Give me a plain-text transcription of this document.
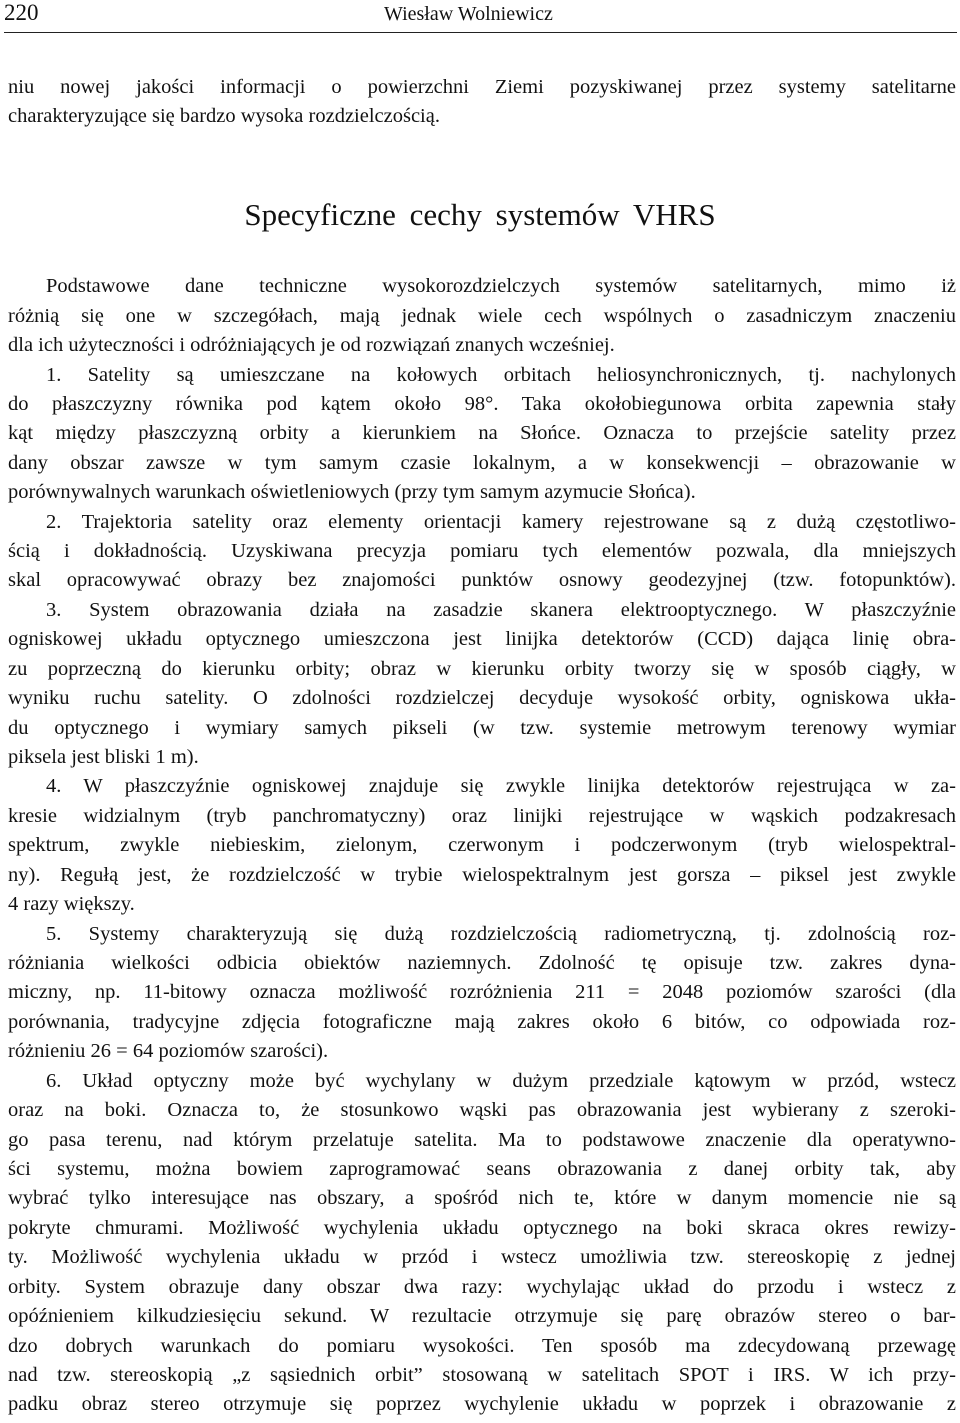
220	Wiesław Wolniewicz
niu nowej jakości informacji o powierzchni Ziemi pozyskiwanej przez systemy satelitarne
charakteryzujące się bardzo wysoka rozdzielczością.
Specyficzne cechy systemów VHRS
Podstawowe dane techniczne wysokorozdzielczych systemów satelitarnych, mimo iż
różnią się one w szczegółach, mają jednak wiele cech wspólnych o zasadniczym znaczeniu
dla ich użyteczności i odróżniających je od rozwiązań znanych wcześniej.
1. Satelity są umieszczane na kołowych orbitach heliosynchronicznych, tj. nachylonych
do płaszczyzny równika pod kątem około 98°. Taka okołobiegunowa orbita zapewnia stały
kąt między płaszczyzną orbity a kierunkiem na Słońce. Oznacza to przejście satelity przez
dany obszar zawsze w tym samym czasie lokalnym, a w konsekwencji – obrazowanie w
porównywalnych warunkach oświetleniowych (przy tym samym azymucie Słońca).
2. Trajektoria satelity oraz elementy orientacji kamery rejestrowane są z dużą częstotliwo-
ścią i dokładnością. Uzyskiwana precyzja pomiaru tych elementów pozwala, dla mniejszych
skal opracowywać obrazy bez znajomości punktów osnowy geodezyjnej (tzw. fotopunktów).
3. System obrazowania działa na zasadzie skanera elektrooptycznego. W płaszczyźnie
ogniskowej układu optycznego umieszczona jest linijka detektorów (CCD) dająca linię obra-
zu poprzeczną do kierunku orbity; obraz w kierunku orbity tworzy się w sposób ciągły, w
wyniku ruchu satelity. O zdolności rozdzielczej decyduje wysokość orbity, ogniskowa ukła-
du optycznego i wymiary samych pikseli (w tzw. systemie metrowym terenowy wymiar
piksela jest bliski 1 m).
4. W płaszczyźnie ogniskowej znajduje się zwykle linijka detektorów rejestrująca w za-
kresie widzialnym (tryb panchromatyczny) oraz linijki rejestrujące w wąskich podzakresach
spektrum, zwykle niebieskim, zielonym, czerwonym i podczerwonym (tryb wielospektral-
ny). Regułą jest, że rozdzielczość w trybie wielospektralnym jest gorsza – piksel jest zwykle
4 razy większy.
5. Systemy charakteryzują się dużą rozdzielczością radiometryczną, tj. zdolnością roz-
różniania wielkości odbicia obiektów naziemnych. Zdolność tę opisuje tzw. zakres dyna-
miczny, np. 11-bitowy oznacza możliwość rozróżnienia 211 = 2048 poziomów szarości (dla
porównania, tradycyjne zdjęcia fotograficzne mają zakres około 6 bitów, co odpowiada roz-
różnieniu 26 = 64 poziomów szarości).
6. Układ optyczny może być wychylany w dużym przedziale kątowym w przód, wstecz
oraz na boki. Oznacza to, że stosunkowo wąski pas obrazowania jest wybierany z szeroki-
go pasa terenu, nad którym przelatuje satelita. Ma to podstawowe znaczenie dla operatywno-
ści systemu, można bowiem zaprogramować seans obrazowania z danej orbity tak, aby
wybrać tylko interesujące nas obszary, a spośród nich te, które w danym momencie nie są
pokryte chmurami. Możliwość wychylenia układu optycznego na boki skraca okres rewizy-
ty. Możliwość wychylenia układu w przód i wstecz umożliwia tzw. stereoskopię z jednej
orbity. System obrazuje dany obszar dwa razy: wychylając układ do przodu i wstecz z
opóźnieniem kilkudziesięciu sekund. W rezultacie otrzymuje się parę obrazów stereo o bar-
dzo dobrych warunkach do pomiaru wysokości. Ten sposób ma zdecydowaną przewagę
nad tzw. stereoskopią „z sąsiednich orbit” stosowaną w satelitach SPOT i IRS. W ich przy-
padku obraz stereo otrzymuje się poprzez wychylenie układu w poprzek i obrazowanie z
